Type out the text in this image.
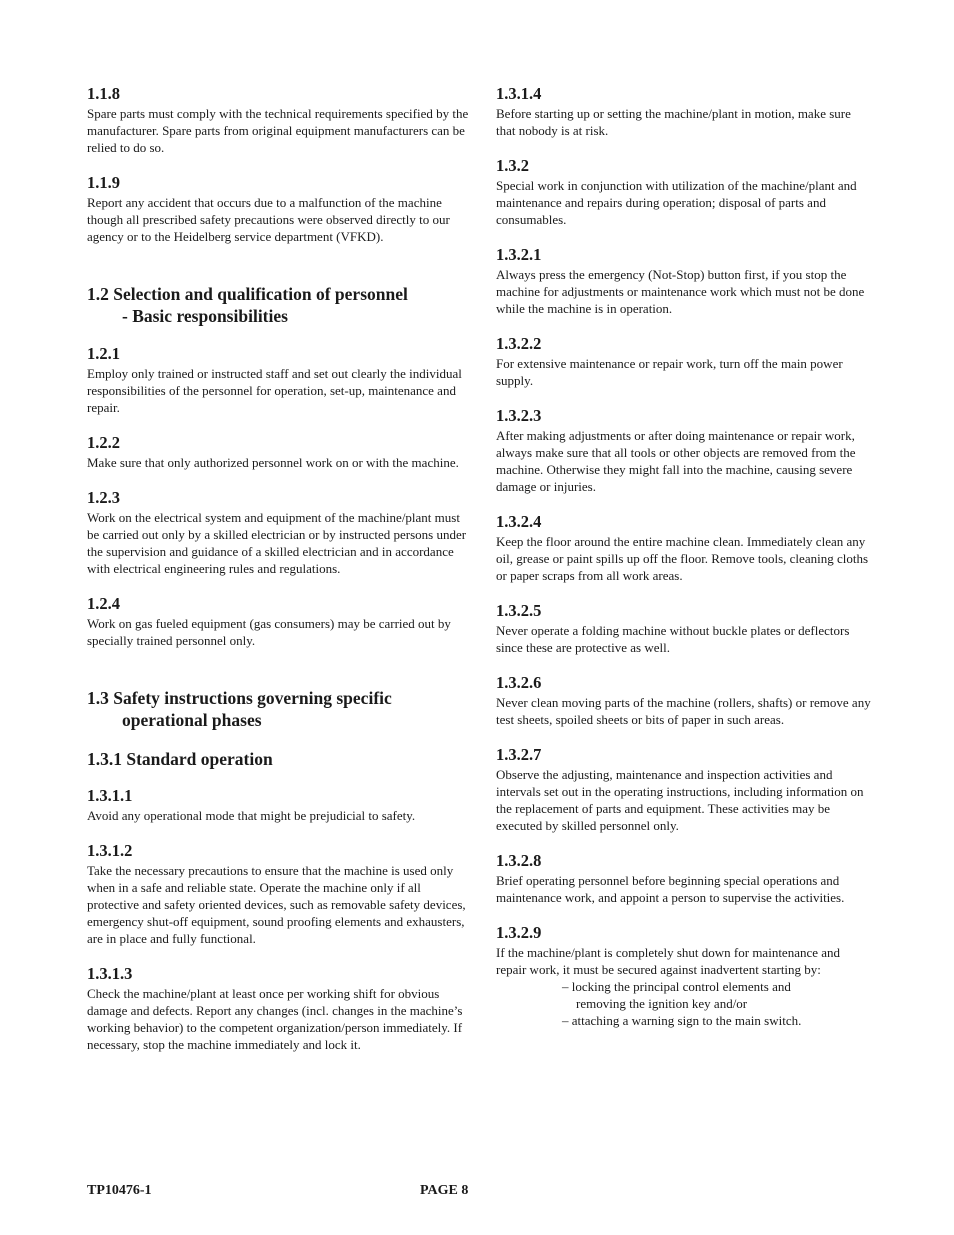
1.1.8

Spare parts must comply with the technical requirements specified by the manufacturer. Spare parts from original equipment manufacturers can be relied to do so.

1.1.9

Report any accident that occurs due to a malfunction of the machine though all prescribed safety precautions were observed directly to our agency or to the Heidelberg service department (VFKD).

1.2 Selection and qualification of personnel
- Basic responsibilities
1.2.1

Employ only trained or instructed staff and set out clearly the individual responsibilities of the personnel for operation, set-up, maintenance and repair.

1.2.2

Make sure that only authorized personnel work on or with the machine.

1.2.3

Work on the electrical system and equipment of the machine/plant must be carried out only by a skilled electrician or by instructed persons under the supervision and guidance of a skilled electrician and in accordance with electrical engineering rules and regulations.

1.2.4

Work on gas fueled equipment (gas consumers) may be carried out by specially trained personnel only.

1.3 Safety instructions governing specific
operational phases
1.3.1 Standard operation
1.3.1.1

Avoid any operational mode that might be prejudicial to safety.

1.3.1.2

Take the necessary precautions to ensure that the machine is used only when in a safe and reliable state. Operate the machine only if all protective and safety oriented devices, such as removable safety devices, emergency shut-off equipment, sound proofing elements and exhausters, are in place and fully functional.

1.3.1.3

Check the machine/plant at least once per working shift for obvious damage and defects. Report any changes (incl. changes in the machine’s working behavior) to the competent organization/person immediately. If necessary, stop the machine immediately and lock it.

1.3.1.4

Before starting up or setting the machine/plant in motion, make sure that nobody is at risk.

1.3.2

Special work in conjunction with utilization of the machine/plant and maintenance and repairs during operation; disposal of parts and consumables.

1.3.2.1

Always press the emergency (Not-Stop) button first, if you stop the machine for adjustments or maintenance work which must not be done while the machine is in operation.

1.3.2.2

For extensive maintenance or repair work, turn off the main power supply.

1.3.2.3

After making adjustments or after doing maintenance or repair work, always make sure that all tools or other objects are removed from the machine. Otherwise they might fall into the machine, causing severe damage or injuries.

1.3.2.4

Keep the floor around the entire machine clean. Immediately clean any oil, grease or paint spills up off the floor. Remove tools, cleaning cloths or paper scraps from all work areas.

1.3.2.5

Never operate a folding machine without buckle plates or deflectors since these are protective as well.

1.3.2.6

Never clean moving parts of the machine (rollers, shafts) or remove any test sheets, spoiled sheets or bits of paper in such areas.

1.3.2.7

Observe the adjusting, maintenance and inspection activities and intervals set out in the operating instructions, including information on the replacement of parts and equipment. These activities may be executed by skilled personnel only.

1.3.2.8

Brief operating personnel before beginning special operations and maintenance work, and appoint a person to supervise the activities.

1.3.2.9

If the machine/plant is completely shut down for maintenance and repair work, it must be secured against inadvertent starting by:

– locking the principal control elements and
removing the ignition key and/or
– attaching a warning sign to the main switch.
TP10476-1	PAGE 8
